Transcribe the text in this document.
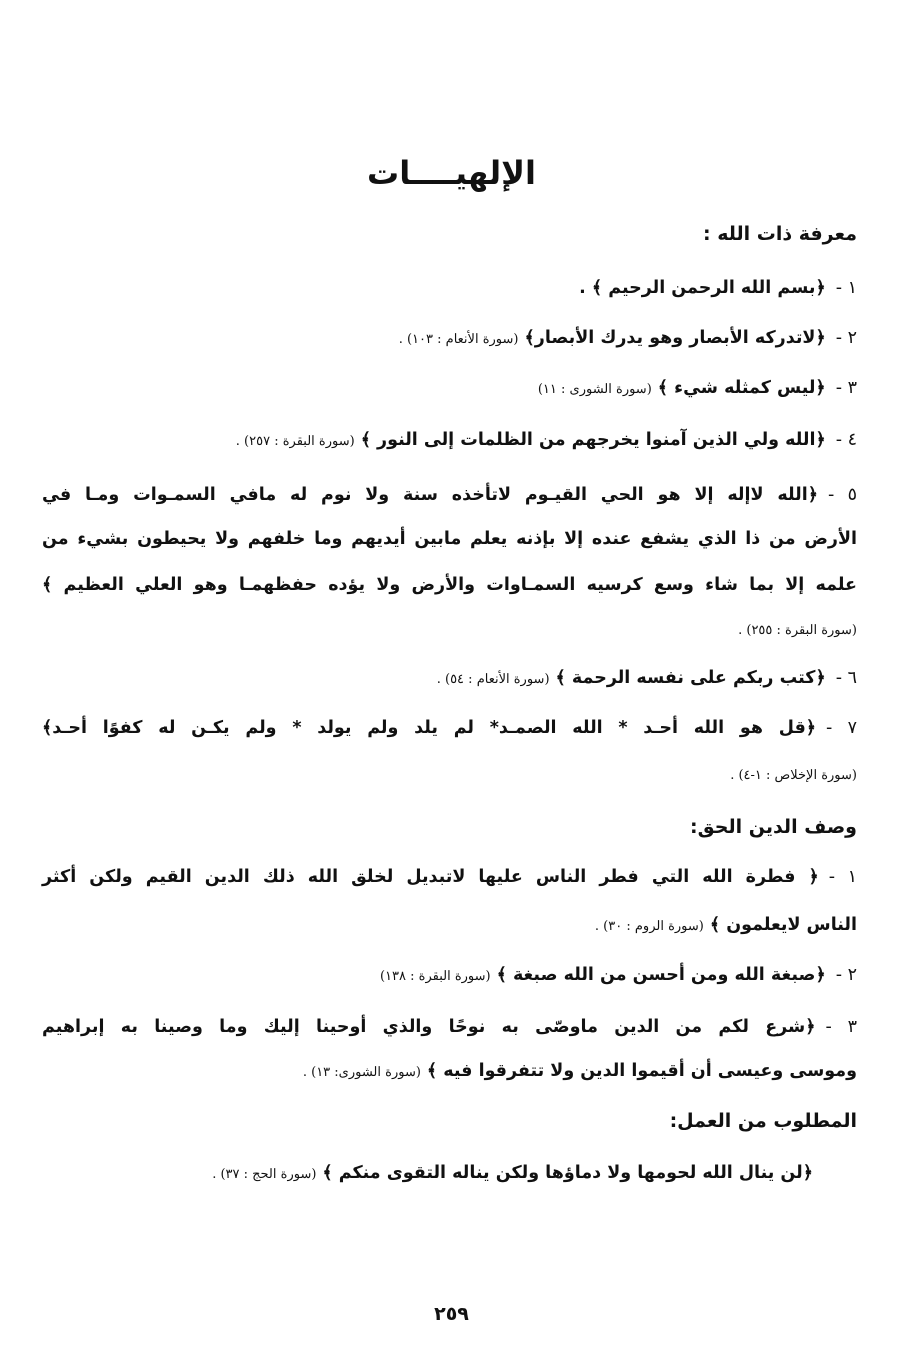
الإلهيــــات
معرفة ذات الله :
١ -﴿بسم الله الرحمن الرحيم ﴾ .
٢ -﴿لاتدركه الأبصار وهو يدرك الأبصار﴾(سورة الأنعام : ١٠٣) .
٣ -﴿ليس كمثله شيء ﴾(سورة الشورى : ١١)
٤ -﴿الله ولي الذين آمنوا يخرجهم من الظلمات إلى النور ﴾(سورة البقرة : ٢٥٧) .
٥ -﴿الله لاإله إلا هو الحي القيـوم لاتأخذه سنة ولا نوم له مافي السمـوات ومـا في
الأرض من ذا الذي يشفع عنده إلا بإذنه يعلم مابين أيديهم وما خلفهم ولا يحيطون بشيء من
علمه إلا بما شاء وسع كرسيه السمـاوات والأرض ولا يؤده حفظهمـا وهو العلي العظيم ﴾
(سورة البقرة : ٢٥٥) .
٦ -﴿كتب ربكم على نفسه الرحمة ﴾(سورة الأنعام : ٥٤) .
٧ -﴿قل هو الله أحـد * الله الصمـد* لم يلد ولم يولد * ولم يكـن له كفوًا أحـد﴾
(سورة الإخلاص : ١-٤) .
وصف الدين الحق:
١ -﴿ فطرة الله التي فطر الناس عليها لاتبديل لخلق الله ذلك الدين القيم ولكن أكثر
الناس لايعلمون ﴾(سورة الروم : ٣٠) .
٢ -﴿صبغة الله ومن أحسن من الله صبغة ﴾(سورة البقرة : ١٣٨)
٣ -﴿شرع لكم من الدين ماوصّى به نوحًا والذي أوحينا إليك وما وصينا به إبراهيم
وموسى وعيسى أن أقيموا الدين ولا تتفرقوا فيه ﴾(سورة الشورى: ١٣) .
المطلوب من العمل:
﴿لن ينال الله لحومها ولا دماؤها ولكن يناله التقوى منكم ﴾(سورة الحج : ٣٧) .
٢٥٩
